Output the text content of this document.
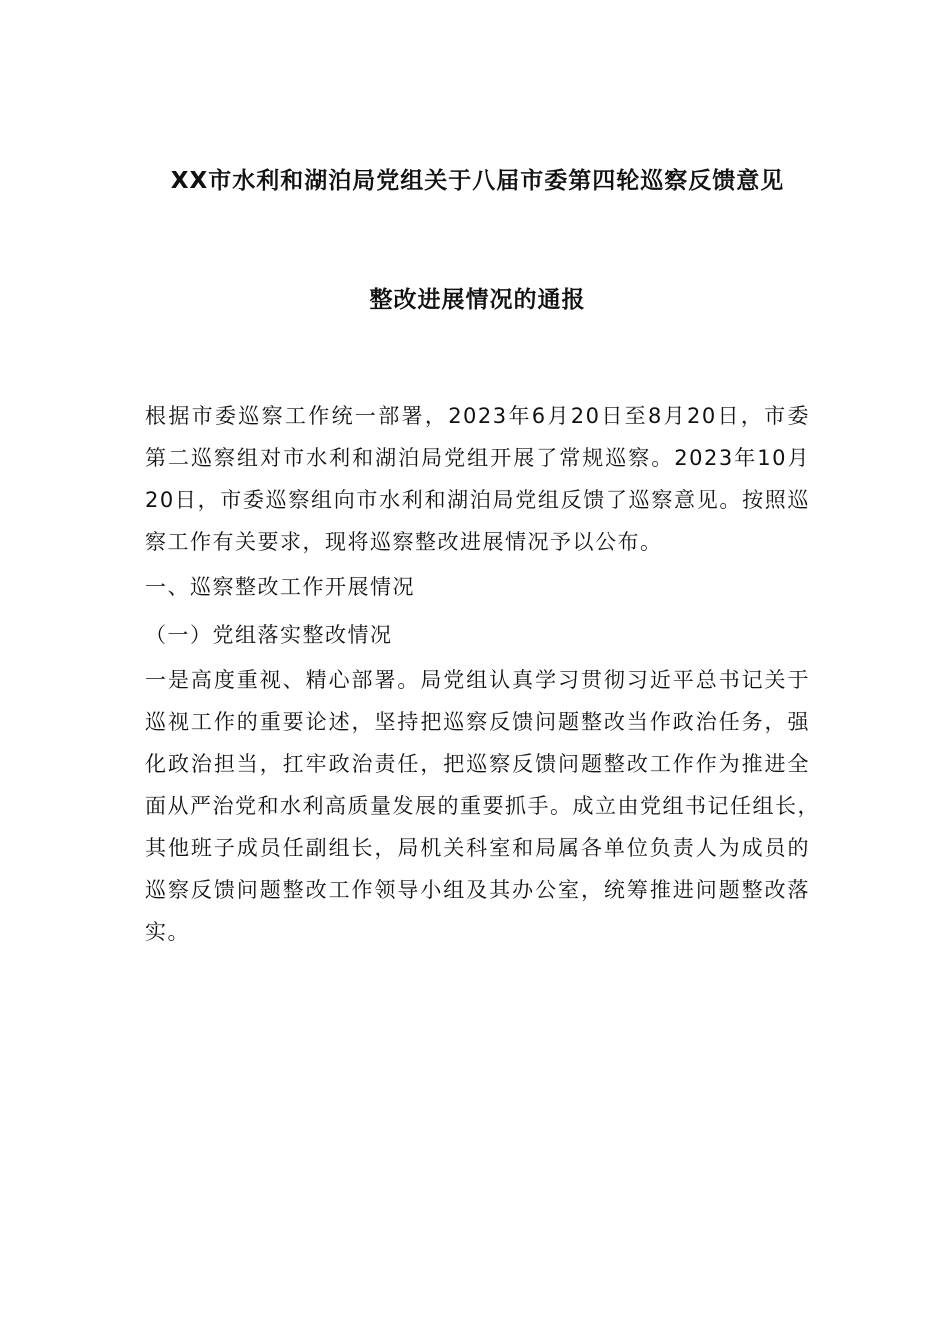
XX市水利和湖泊局党组关于八届市委第四轮巡察反馈意见
整改进展情况的通报

根据市委巡察工作统一部署，2023年6月20日至8月20日，市委
第二巡察组对市水利和湖泊局党组开展了常规巡察。2023年10月
20日，市委巡察组向市水利和湖泊局党组反馈了巡察意见。按照巡
察工作有关要求，现将巡察整改进展情况予以公布。

一、巡察整改工作开展情况

（一）党组落实整改情况

一是高度重视、精心部署。局党组认真学习贯彻习近平总书记关于
巡视工作的重要论述，坚持把巡察反馈问题整改当作政治任务，强
化政治担当，扛牢政治责任，把巡察反馈问题整改工作作为推进全
面从严治党和水利高质量发展的重要抓手。成立由党组书记任组长，
其他班子成员任副组长，局机关科室和局属各单位负责人为成员的
巡察反馈问题整改工作领导小组及其办公室，统筹推进问题整改落
实。
